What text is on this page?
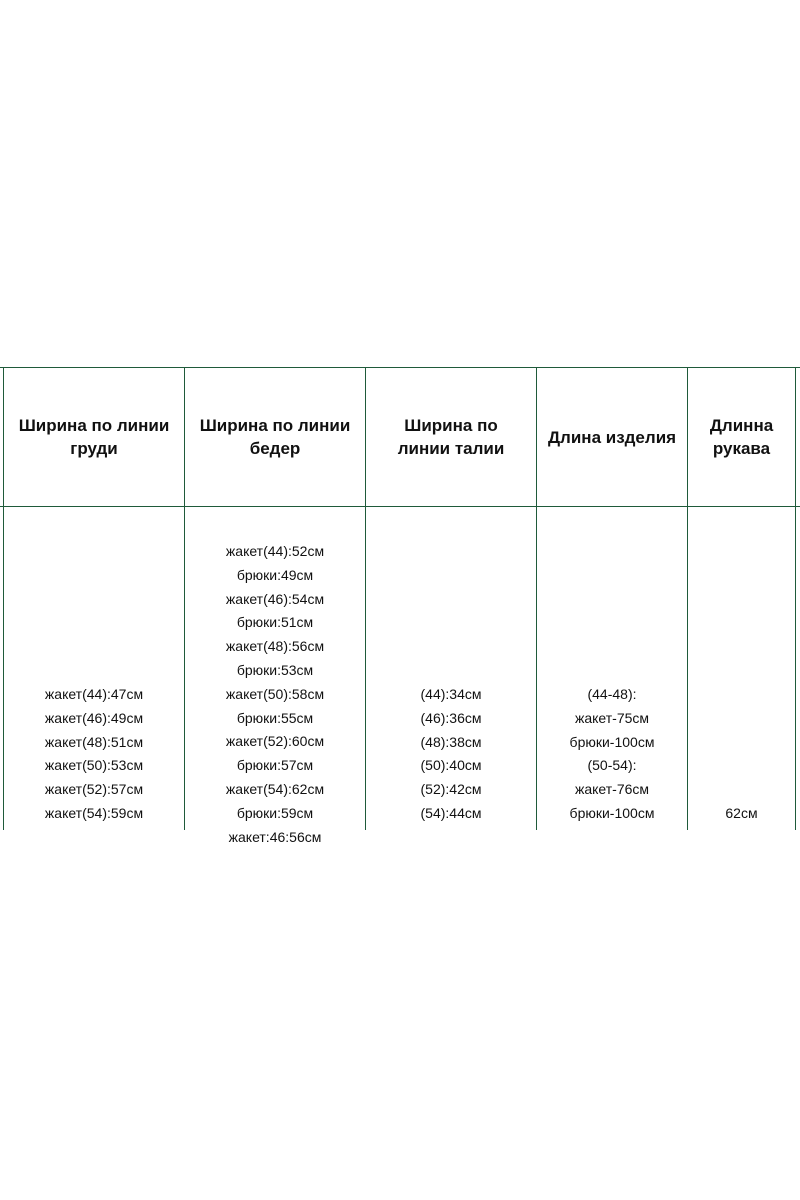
Ширина по линии груди
Ширина по линии бедер
Ширина по линии талии
Длина изделия
Длинна рукава
жакет(44):47см
жакет(46):49см
жакет(48):51см
жакет(50):53см
жакет(52):57см
жакет(54):59см
жакет(44):52см
брюки:49см
жакет(46):54см
брюки:51см
жакет(48):56см
брюки:53см
жакет(50):58см
брюки:55см
жакет(52):60см
брюки:57см
жакет(54):62см
брюки:59см
жакет:46:56см
(44):34см
(46):36см
(48):38см
(50):40см
(52):42см
(54):44см
(44-48):
жакет-75см
брюки-100см
(50-54):
жакет-76см
брюки-100см	62см
